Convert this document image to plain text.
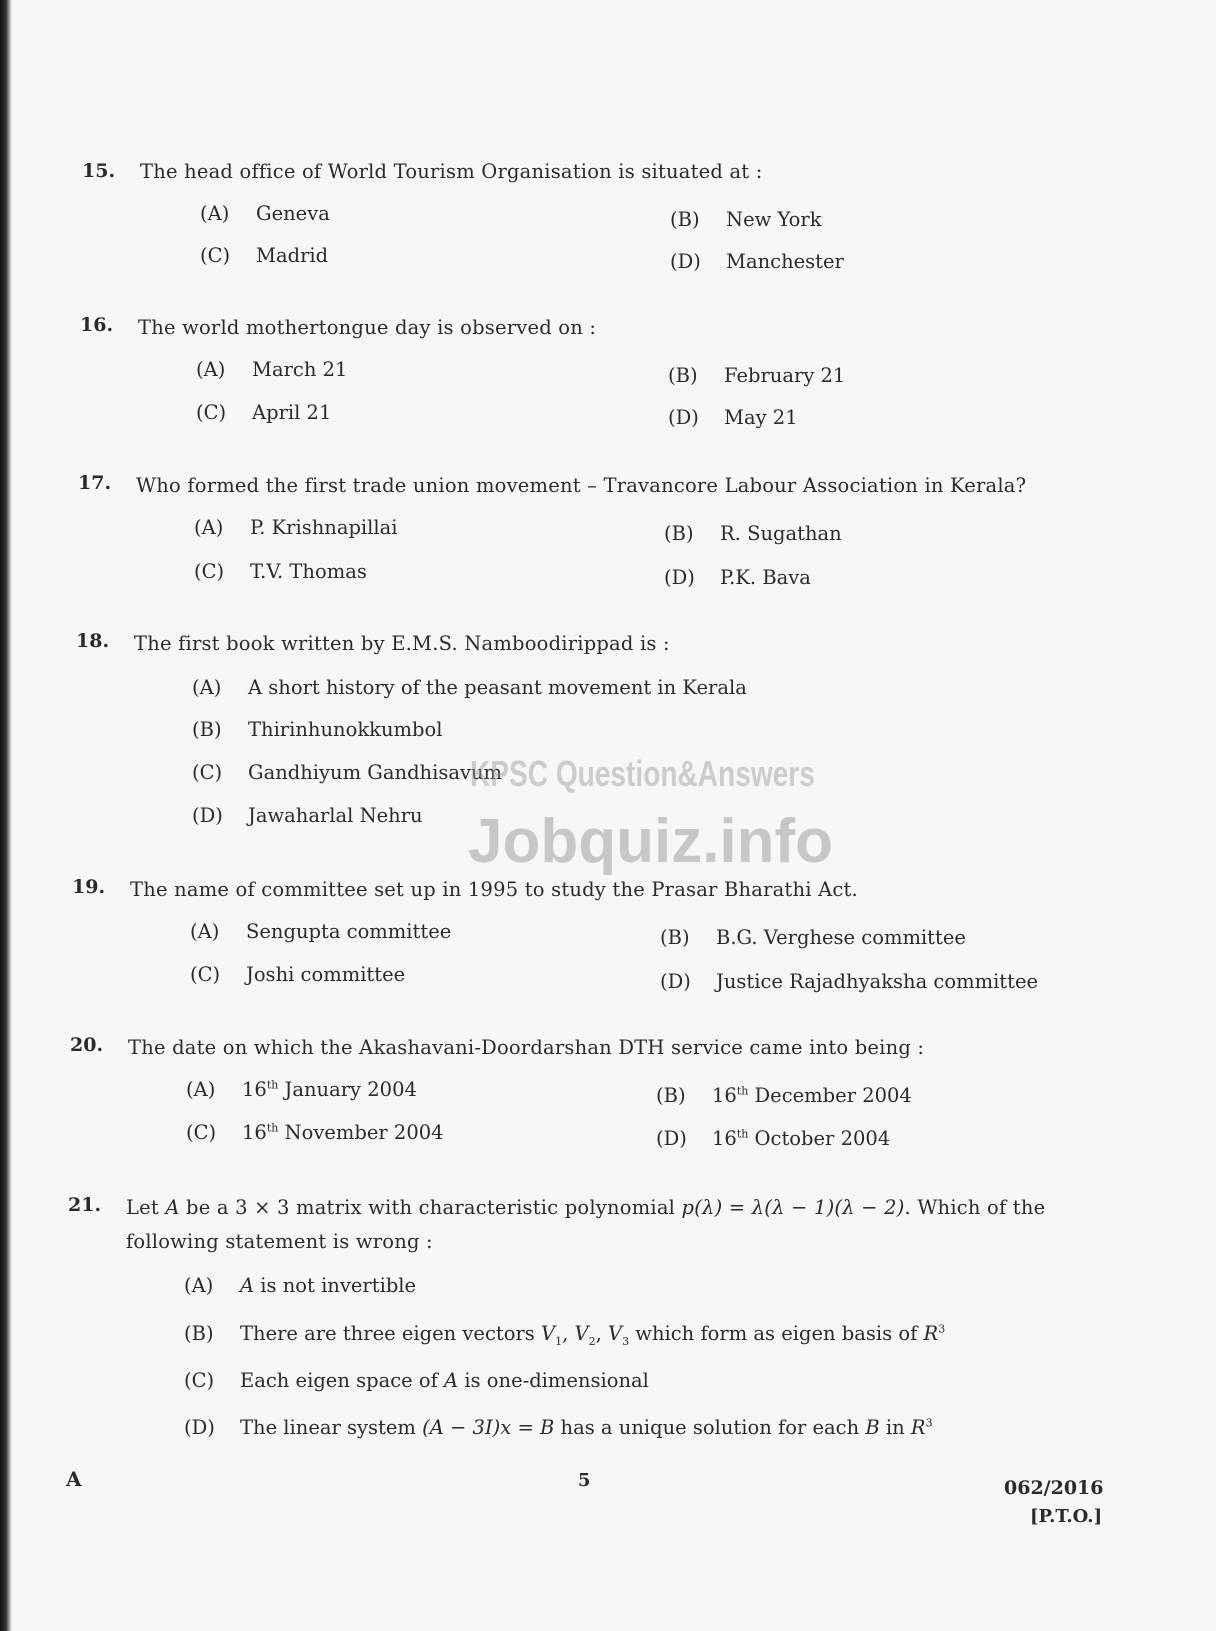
15. The head office of World Tourism Organisation is situated at :
(A) Geneva	(B) New York
(C) Madrid	(D) Manchester
16. The world mothertongue day is observed on :
(A) March 21	(B) February 21
(C) April 21	(D) May 21
17. Who formed the first trade union movement – Travancore Labour Association in Kerala?
(A) P. Krishnapillai	(B) R. Sugathan
(C) T.V. Thomas	(D) P.K. Bava
18. The first book written by E.M.S. Namboodirippad is :
(A) A short history of the peasant movement in Kerala
(B) Thirinhunokkumbol
(C) Gandhiyum Gandhisavum
(D) Jawaharlal Nehru
19. The name of committee set up in 1995 to study the Prasar Bharathi Act.
(A) Sengupta committee	(B) B.G. Verghese committee
(C) Joshi committee	(D) Justice Rajadhyaksha committee
20. The date on which the Akashavani-Doordarshan DTH service came into being :
(A) 16th January 2004	(B) 16th December 2004
(C) 16th November 2004	(D) 16th October 2004
21. Let A be a 3 × 3 matrix with characteristic polynomial p(λ) = λ(λ − 1)(λ − 2). Which of the
following statement is wrong :
(A) A is not invertible
(B) There are three eigen vectors $V_1$, $V_2$, $V_3$ which form as eigen basis of $R^3$
(C) Each eigen space of A is one-dimensional
(D) The linear system (A − 3I)x = B has a unique solution for each B in $R^3$
KPSC Question&Answers
Jobquiz.info
A	5	062/2016
[P.T.O.]
